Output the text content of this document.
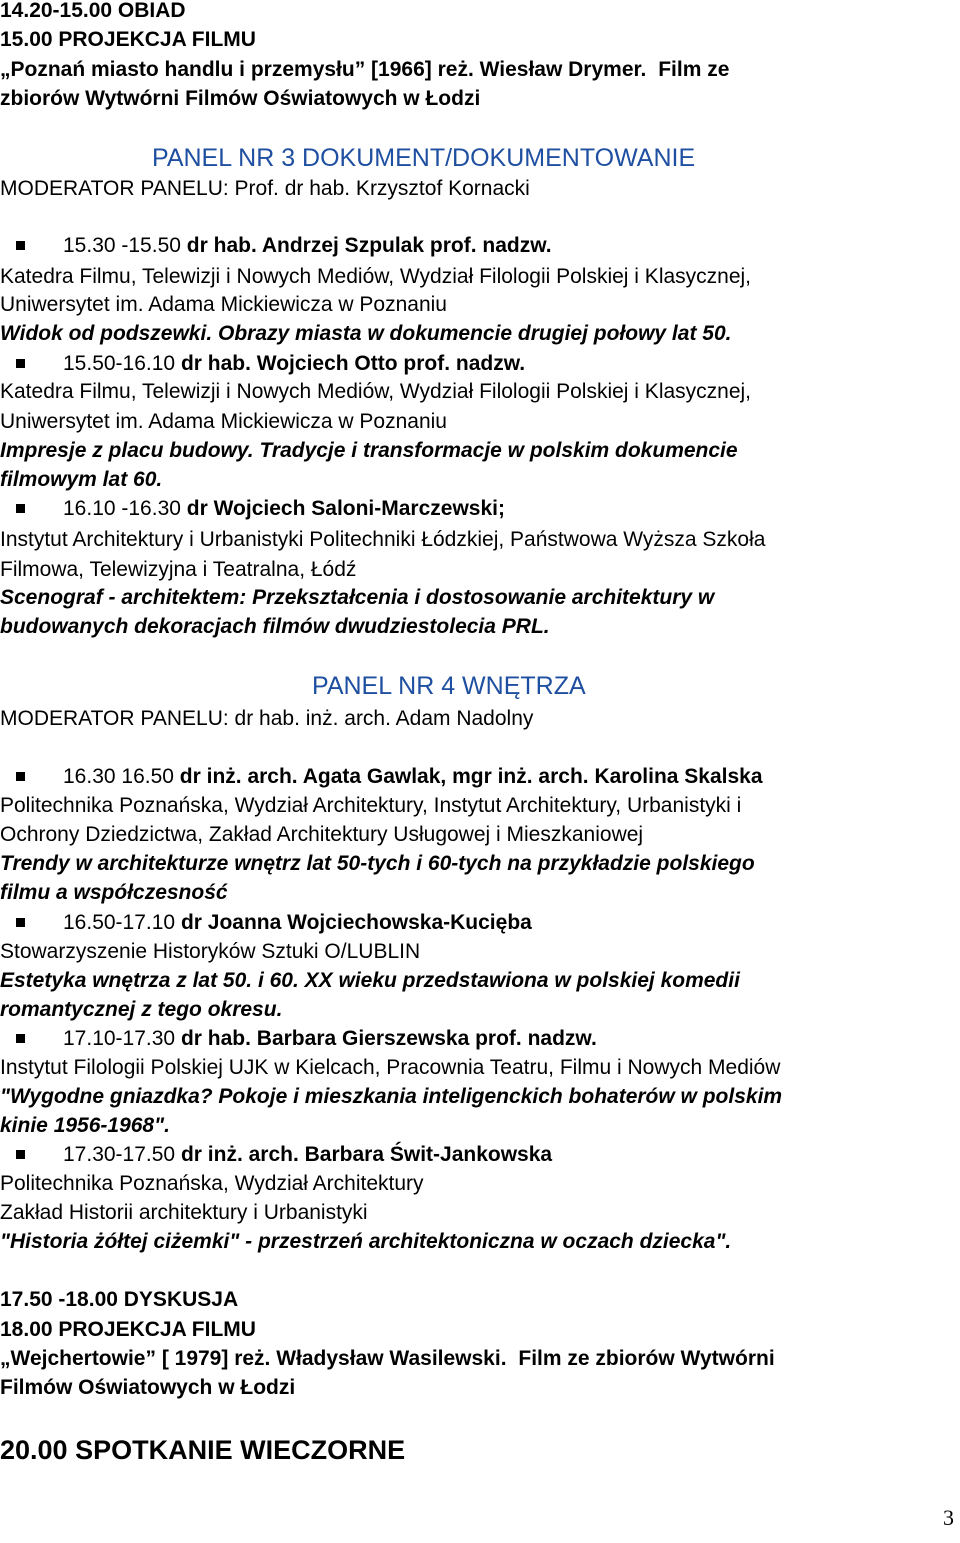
14.20-15.00 OBIAD
15.00 PROJEKCJA FILMU
„Poznań miasto handlu i przemysłu” [1966] reż. Wiesław Drymer. Film ze
zbiorów Wytwórni Filmów Oświatowych w Łodzi
PANEL NR 3 DOKUMENT/DOKUMENTOWANIE
MODERATOR PANELU: Prof. dr hab. Krzysztof Kornacki
15.30 -15.50 dr hab. Andrzej Szpulak prof. nadzw.
Katedra Filmu, Telewizji i Nowych Mediów, Wydział Filologii Polskiej i Klasycznej,
Uniwersytet im. Adama Mickiewicza w Poznaniu
Widok od podszewki. Obrazy miasta w dokumencie drugiej połowy lat 50.
15.50-16.10 dr hab. Wojciech Otto prof. nadzw.
Katedra Filmu, Telewizji i Nowych Mediów, Wydział Filologii Polskiej i Klasycznej,
Uniwersytet im. Adama Mickiewicza w Poznaniu
Impresje z placu budowy. Tradycje i transformacje w polskim dokumencie
filmowym lat 60.
16.10 -16.30 dr Wojciech Saloni-Marczewski;
Instytut Architektury i Urbanistyki Politechniki Łódzkiej, Państwowa Wyższa Szkoła
Filmowa, Telewizyjna i Teatralna, Łódź
Scenograf - architektem: Przekształcenia i dostosowanie architektury w
budowanych dekoracjach filmów dwudziestolecia PRL.
PANEL NR 4 WNĘTRZA
MODERATOR PANELU: dr hab. inż. arch. Adam Nadolny
16.30 16.50 dr inż. arch. Agata Gawlak, mgr inż. arch. Karolina Skalska
Politechnika Poznańska, Wydział Architektury, Instytut Architektury, Urbanistyki i
Ochrony Dziedzictwa, Zakład Architektury Usługowej i Mieszkaniowej
Trendy w architekturze wnętrz lat 50-tych i 60-tych na przykładzie polskiego
filmu a współczesność
16.50-17.10 dr Joanna Wojciechowska-Kucięba
Stowarzyszenie Historyków Sztuki O/LUBLIN
Estetyka wnętrza z lat 50. i 60. XX wieku przedstawiona w polskiej komedii
romantycznej z tego okresu.
17.10-17.30 dr hab. Barbara Gierszewska prof. nadzw.
Instytut Filologii Polskiej UJK w Kielcach, Pracownia Teatru, Filmu i Nowych Mediów
"Wygodne gniazdka? Pokoje i mieszkania inteligenckich bohaterów w polskim
kinie 1956-1968".
17.30-17.50 dr inż. arch. Barbara Świt-Jankowska
Politechnika Poznańska, Wydział Architektury
Zakład Historii architektury i Urbanistyki
"Historia żółtej ciżemki" - przestrzeń architektoniczna w oczach dziecka".
17.50 -18.00 DYSKUSJA
18.00 PROJEKCJA FILMU
„Wejchertowie” [ 1979] reż. Władysław Wasilewski. Film ze zbiorów Wytwórni
Filmów Oświatowych w Łodzi
20.00 SPOTKANIE WIECZORNE
3
